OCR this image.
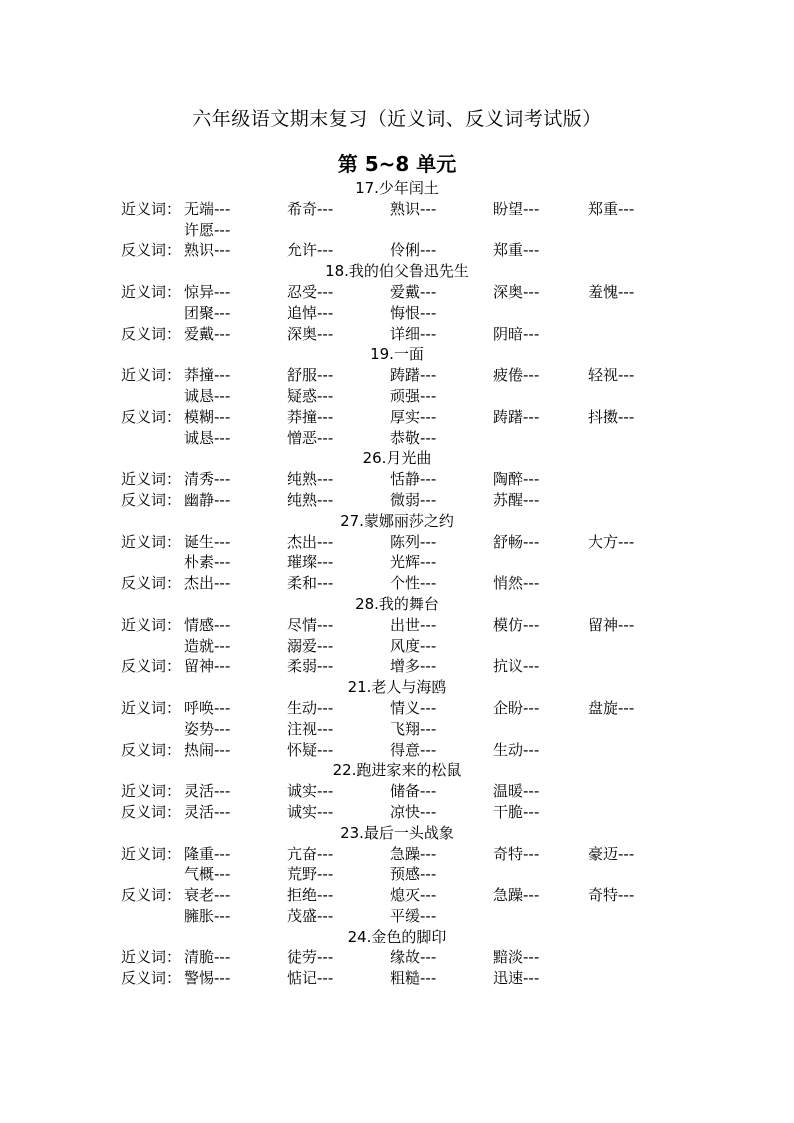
六年级语文期末复习（近义词、反义词考试版）
第 5~8 单元
17.少年闰土
近义词： 无端---	希奇---	熟识---	盼望---	郑重---
许愿---
反义词： 熟识---	允许---	伶俐---	郑重---
18.我的伯父鲁迅先生
近义词： 惊异---	忍受---	爱戴---	深奥---	羞愧---
团聚---	追悼---	悔恨---
反义词： 爱戴---	深奥---	详细---	阴暗---
19.一面
近义词： 莽撞---	舒服---	踌躇---	疲倦---	轻视---
诚恳---	疑惑---	顽强---
反义词： 模糊---	莽撞---	厚实---	踌躇---	抖擞---
诚恳---	憎恶---	恭敬---
26.月光曲
近义词： 清秀---	纯熟---	恬静---	陶醉---
反义词： 幽静---	纯熟---	微弱---	苏醒---
27.蒙娜丽莎之约
近义词： 诞生---	杰出---	陈列---	舒畅---	大方---
朴素---	璀璨---	光辉---
反义词： 杰出---	柔和---	个性---	悄然---
28.我的舞台
近义词： 情感---	尽情---	出世---	模仿---	留神---
造就---	溺爱---	风度---
反义词： 留神---	柔弱---	增多---	抗议---
21.老人与海鸥
近义词： 呼唤---	生动---	情义---	企盼---	盘旋---
姿势---	注视---	飞翔---
反义词： 热闹---	怀疑---	得意---	生动---
22.跑进家来的松鼠
近义词： 灵活---	诚实---	储备---	温暖---
反义词： 灵活---	诚实---	凉快---	干脆---
23.最后一头战象
近义词： 隆重---	亢奋---	急躁---	奇特---	豪迈---
气概---	荒野---	预感---
反义词： 衰老---	拒绝---	熄灭---	急躁---	奇特---
臃胀---	茂盛---	平缓---
24.金色的脚印
近义词： 清脆---	徒劳---	缘故---	黯淡---
反义词： 警惕---	惦记---	粗糙---	迅速---
